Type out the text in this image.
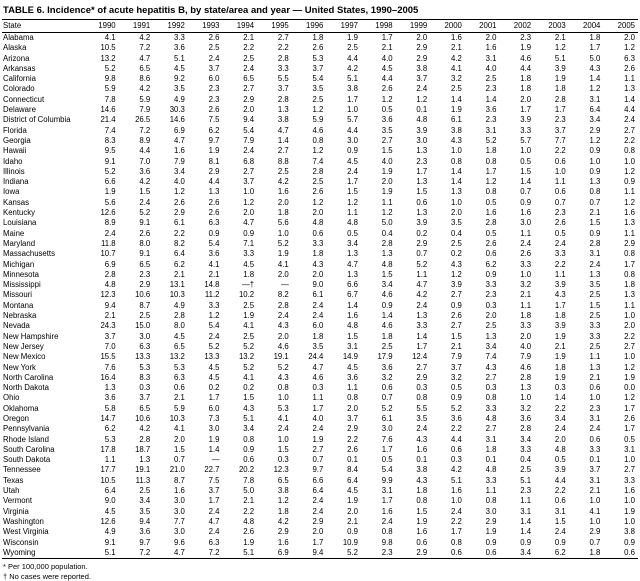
TABLE 6. Incidence* of acute hepatitis B, by state/area and year — United States, 1990–2005
State	1990	1991	1992	1993	1994	1995	1996	1997	1998	1999	2000	2001	2002	2003	2004	2005
Alabama	4.1	4.2	3.3	2.6	2.1	2.7	1.8	1.9	1.7	2.0	1.6	2.0	2.3	2.1	1.8	2.0
Alaska	10.5	7.2	3.6	2.5	2.2	2.2	2.6	2.5	2.1	2.9	2.1	1.6	1.9	1.2	1.7	1.2
Arizona	13.2	4.7	5.1	2.4	2.5	2.8	5.3	4.4	4.0	2.9	4.2	3.1	4.6	5.1	5.0	6.3
Arkansas	5.2	6.5	4.5	3.7	2.4	3.3	3.7	4.2	4.5	3.8	4.1	4.0	4.4	3.9	4.3	2.6
California	9.8	8.6	9.2	6.0	6.5	5.5	5.4	5.1	4.4	3.7	3.2	2.5	1.8	1.9	1.4	1.1
Colorado	5.9	4.2	3.5	2.3	2.7	3.7	3.5	3.8	2.6	2.4	2.5	2.3	1.8	1.8	1.2	1.3
Connecticut	7.8	5.9	4.9	2.3	2.9	2.8	2.5	1.7	1.2	1.2	1.4	1.4	2.0	2.8	3.1	1.4
Delaware	14.6	7.9	30.3	2.6	2.0	1.3	1.2	1.0	0.5	0.1	1.9	3.6	1.7	1.7	6.4	4.4
District of Columbia	21.4	26.5	14.6	7.5	9.4	3.8	5.9	5.7	3.6	4.8	6.1	2.3	3.9	2.3	3.4	2.4
Florida	7.4	7.2	6.9	6.2	5.4	4.7	4.6	4.4	3.5	3.9	3.8	3.1	3.3	3.7	2.9	2.7
Georgia	8.3	8.9	4.7	9.7	7.9	1.4	0.8	3.0	2.7	3.0	4.3	5.2	5.7	7.7	1.2	2.2
Hawaii	9.5	4.4	1.6	1.9	2.4	2.7	1.2	0.9	1.5	1.3	1.0	1.8	1.0	2.2	0.9	0.8
Idaho	9.1	7.0	7.9	8.1	6.8	8.8	7.4	4.5	4.0	2.3	0.8	0.8	0.5	0.6	1.0	1.0
Illinois	5.2	3.6	3.4	2.9	2.7	2.5	2.8	2.4	1.9	1.7	1.4	1.7	1.5	1.0	0.9	1.2
Indiana	6.6	4.2	4.0	4.4	3.7	4.2	2.5	1.7	2.0	1.3	1.4	1.2	1.4	1.1	1.3	0.9
Iowa	1.9	1.5	1.2	1.3	1.0	1.6	2.6	1.5	1.9	1.5	1.3	0.8	0.7	0.6	0.8	1.1
Kansas	5.6	2.4	2.6	2.6	1.2	2.0	1.2	1.2	1.1	0.6	1.0	0.5	0.9	0.7	0.7	1.2
Kentucky	12.6	5.2	2.9	2.6	2.0	1.8	2.0	1.1	1.2	1.3	2.0	1.6	1.6	2.3	2.1	1.6
Louisiana	8.9	9.1	6.1	6.3	4.7	5.6	4.8	4.8	5.0	3.9	3.5	2.8	3.0	2.6	1.5	1.3
Maine	2.4	2.6	2.2	0.9	0.9	1.0	0.6	0.5	0.4	0.2	0.4	0.5	1.1	0.5	0.9	1.1
Maryland	11.8	8.0	8.2	5.4	7.1	5.2	3.3	3.4	2.8	2.9	2.5	2.6	2.4	2.4	2.8	2.9
Massachusetts	10.7	9.1	6.4	3.6	3.3	1.9	1.8	1.3	1.3	0.7	0.2	0.6	2.6	3.3	3.1	0.8
Michigan	6.9	6.5	6.2	4.1	4.5	4.1	4.3	4.7	4.8	5.2	4.3	6.2	3.3	2.2	2.4	1.7
Minnesota	2.8	2.3	2.1	2.1	1.8	2.0	2.0	1.3	1.5	1.1	1.2	0.9	1.0	1.1	1.3	0.8
Mississippi	4.8	2.9	13.1	14.8	—†	—	9.0	6.6	3.4	4.7	3.9	3.3	3.2	3.9	3.5	1.8
Missouri	12.3	10.6	10.3	11.2	10.2	8.2	6.1	6.7	4.6	4.2	2.7	2.3	2.1	4.3	2.5	1.3
Montana	9.4	8.7	4.9	3.3	2.5	2.8	2.4	1.4	0.9	2.4	0.9	0.3	1.1	1.7	1.5	1.1
Nebraska	2.1	2.5	2.8	1.2	1.9	2.4	2.4	1.6	1.4	1.3	2.6	2.0	1.8	1.8	2.5	1.0
Nevada	24.3	15.0	8.0	5.4	4.1	4.3	6.0	4.8	4.6	3.3	2.7	2.5	3.3	3.9	3.3	2.0
New Hampshire	3.7	3.0	4.5	2.4	2.5	2.0	1.8	1.5	1.8	1.4	1.5	1.3	2.0	1.9	3.3	2.2
New Jersey	7.0	6.3	6.5	5.2	5.2	4.6	3.5	3.1	2.5	1.7	2.1	3.4	4.0	2.1	2.5	2.7
New Mexico	15.5	13.3	13.2	13.3	13.2	19.1	24.4	14.9	17.9	12.4	7.9	7.4	7.9	1.9	1.1	1.0
New York	7.6	5.3	5.3	4.5	5.2	5.2	4.7	4.5	3.6	2.7	3.7	4.3	4.6	1.8	1.3	1.2
North Carolina	16.4	8.3	6.3	4.5	4.1	4.3	4.6	3.6	3.2	2.9	3.2	2.7	2.8	1.9	2.1	1.9
North Dakota	1.3	0.3	0.6	0.2	0.2	0.8	0.3	1.1	0.6	0.3	0.5	0.3	1.3	0.3	0.6	0.0
Ohio	3.6	3.7	2.1	1.7	1.5	1.0	1.1	0.8	0.7	0.8	0.9	0.8	1.0	1.4	1.0	1.2
Oklahoma	5.8	6.5	5.9	6.0	4.3	5.3	1.7	2.0	5.2	5.5	5.2	3.3	3.2	2.2	2.3	1.7
Oregon	14.7	10.6	10.3	7.3	5.1	4.1	4.0	3.7	6.1	3.5	3.6	4.8	3.6	3.4	3.1	2.6
Pennsylvania	6.2	4.2	4.1	3.0	3.4	2.4	2.4	2.9	3.0	2.4	2.2	2.7	2.8	2.4	2.4	1.7
Rhode Island	5.3	2.8	2.0	1.9	0.8	1.0	1.9	2.2	7.6	4.3	4.4	3.1	3.4	2.0	0.6	0.5
South Carolina	17.8	18.7	1.5	1.4	0.9	1.5	2.7	2.6	1.7	1.6	0.6	1.8	3.3	4.8	3.3	3.1
South Dakota	1.1	1.3	0.7	—	0.6	0.3	0.7	0.1	0.5	0.1	0.3	0.1	0.4	0.5	0.1	1.0
Tennessee	17.7	19.1	21.0	22.7	20.2	12.3	9.7	8.4	5.4	3.8	4.2	4.8	2.5	3.9	3.7	2.7
Texas	10.5	11.3	8.7	7.5	7.8	6.5	6.6	6.4	9.9	4.3	5.1	3.3	5.1	4.4	3.1	3.3
Utah	6.4	2.5	1.6	3.7	5.0	3.8	6.4	4.5	3.1	1.8	1.6	1.1	2.3	2.2	2.1	1.6
Vermont	9.0	3.4	3.0	1.7	2.1	1.2	2.4	1.9	1.7	0.8	1.0	0.8	1.1	0.6	1.0	1.0
Virginia	4.5	3.5	3.0	2.4	2.2	1.8	2.4	2.0	1.6	1.5	2.4	3.0	3.1	3.1	4.1	1.9
Washington	12.6	9.4	7.7	4.7	4.8	4.2	2.9	2.1	2.4	1.9	2.2	2.9	1.4	1.5	1.0	1.0
West Virginia	4.9	3.6	3.0	2.4	2.6	2.9	2.0	0.9	0.8	1.6	1.7	1.9	1.4	2.4	2.9	3.8
Wisconsin	9.1	9.7	9.6	6.3	1.9	1.6	1.7	10.9	9.8	0.6	0.8	0.9	0.9	0.9	0.7	0.9
Wyoming	5.1	7.2	4.7	7.2	5.1	6.9	9.4	5.2	2.3	2.9	0.6	0.6	3.4	6.2	1.8	0.6
* Per 100,000 population.
† No cases were reported.
